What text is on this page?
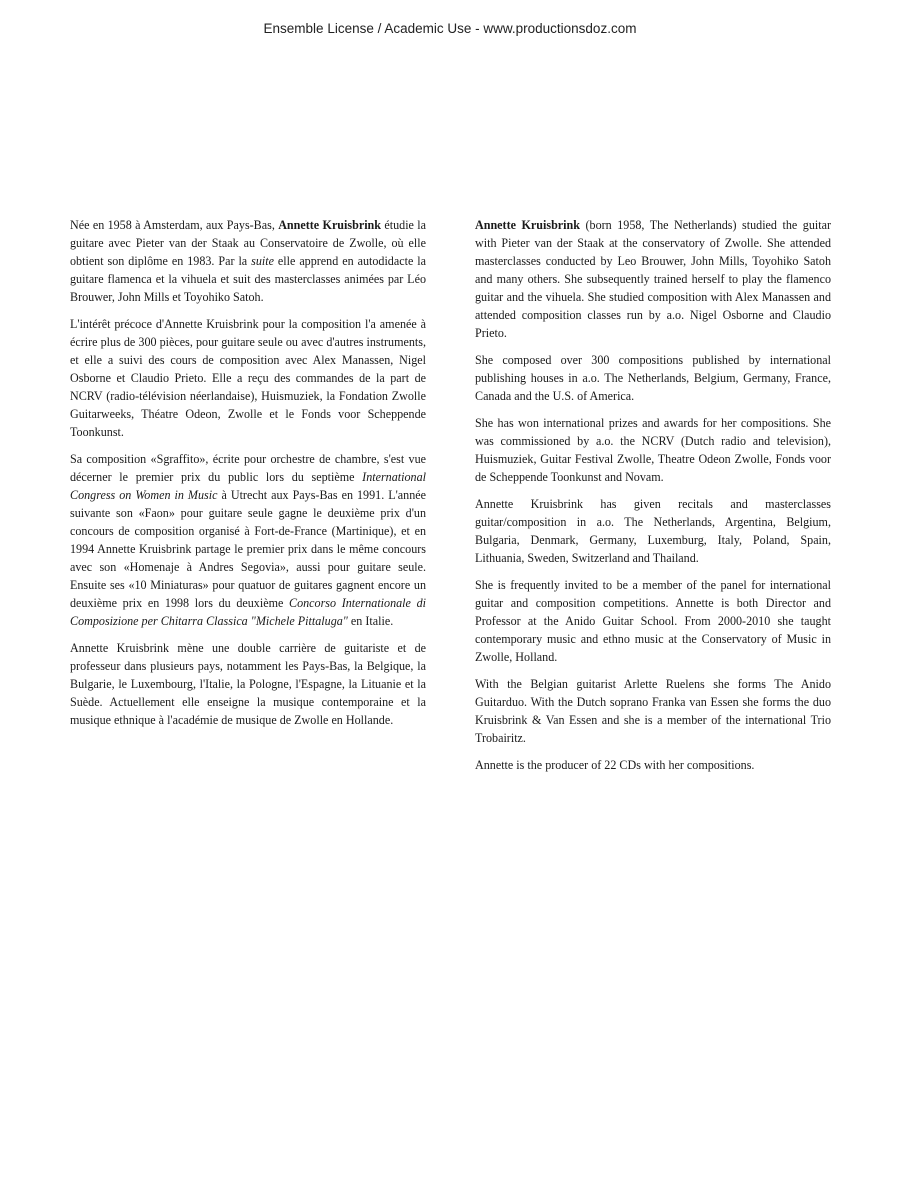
Ensemble License / Academic Use - www.productionsdoz.com

Née en 1958 à Amsterdam, aux Pays-Bas, Annette Kruisbrink étudie la guitare avec Pieter van der Staak au Conservatoire de Zwolle, où elle obtient son diplôme en 1983. Par la suite elle apprend en autodidacte la guitare flamenca et la vihuela et suit des masterclasses animées par Léo Brouwer, John Mills et Toyohiko Satoh.

L'intérêt précoce d'Annette Kruisbrink pour la composition l'a amenée à écrire plus de 300 pièces, pour guitare seule ou avec d'autres instruments, et elle a suivi des cours de composition avec Alex Manassen, Nigel Osborne et Claudio Prieto. Elle a reçu des commandes de la part de NCRV (radio-télévision néerlandaise), Huismuziek, la Fondation Zwolle Guitarweeks, Théatre Odeon, Zwolle et le Fonds voor Scheppende Toonkunst.

Sa composition «Sgraffito», écrite pour orchestre de chambre, s'est vue décerner le premier prix du public lors du septième International Congress on Women in Music à Utrecht aux Pays-Bas en 1991. L'année suivante son «Faon» pour guitare seule gagne le deuxième prix d'un concours de composition organisé à Fort-de-France (Martinique), et en 1994 Annette Kruisbrink partage le premier prix dans le même concours avec son «Homenaje à Andres Segovia», aussi pour guitare seule. Ensuite ses «10 Miniaturas» pour quatuor de guitares gagnent encore un deuxième prix en 1998 lors du deuxième Concorso Internationale di Composizione per Chitarra Classica "Michele Pittaluga" en Italie.

Annette Kruisbrink mène une double carrière de guitariste et de professeur dans plusieurs pays, notamment les Pays-Bas, la Belgique, la Bulgarie, le Luxembourg, l'Italie, la Pologne, l'Espagne, la Lituanie et la Suède. Actuellement elle enseigne la musique contemporaine et la musique ethnique à l'académie de musique de Zwolle en Hollande.

Annette Kruisbrink (born 1958, The Netherlands) studied the guitar with Pieter van der Staak at the conservatory of Zwolle. She attended masterclasses conducted by Leo Brouwer, John Mills, Toyohiko Satoh and many others. She subsequently trained herself to play the flamenco guitar and the vihuela. She studied composition with Alex Manassen and attended composition classes run by a.o. Nigel Osborne and Claudio Prieto.

She composed over 300 compositions published by international publishing houses in a.o. The Netherlands, Belgium, Germany, France, Canada and the U.S. of America.

She has won international prizes and awards for her compositions. She was commissioned by a.o. the NCRV (Dutch radio and television), Huismuziek, Guitar Festival Zwolle, Theatre Odeon Zwolle, Fonds voor de Scheppende Toonkunst and Novam.

Annette Kruisbrink has given recitals and masterclasses guitar/composition in a.o. The Netherlands, Argentina, Belgium, Bulgaria, Denmark, Germany, Luxemburg, Italy, Poland, Spain, Lithuania, Sweden, Switzerland and Thailand.

She is frequently invited to be a member of the panel for international guitar and composition competitions. Annette is both Director and Professor at the Anido Guitar School. From 2000-2010 she taught contemporary music and ethno music at the Conservatory of Music in Zwolle, Holland.

With the Belgian guitarist Arlette Ruelens she forms The Anido Guitarduo. With the Dutch soprano Franka van Essen she forms the duo Kruisbrink & Van Essen and she is a member of the international Trio Trobairitz.

Annette is the producer of 22 CDs with her compositions.
